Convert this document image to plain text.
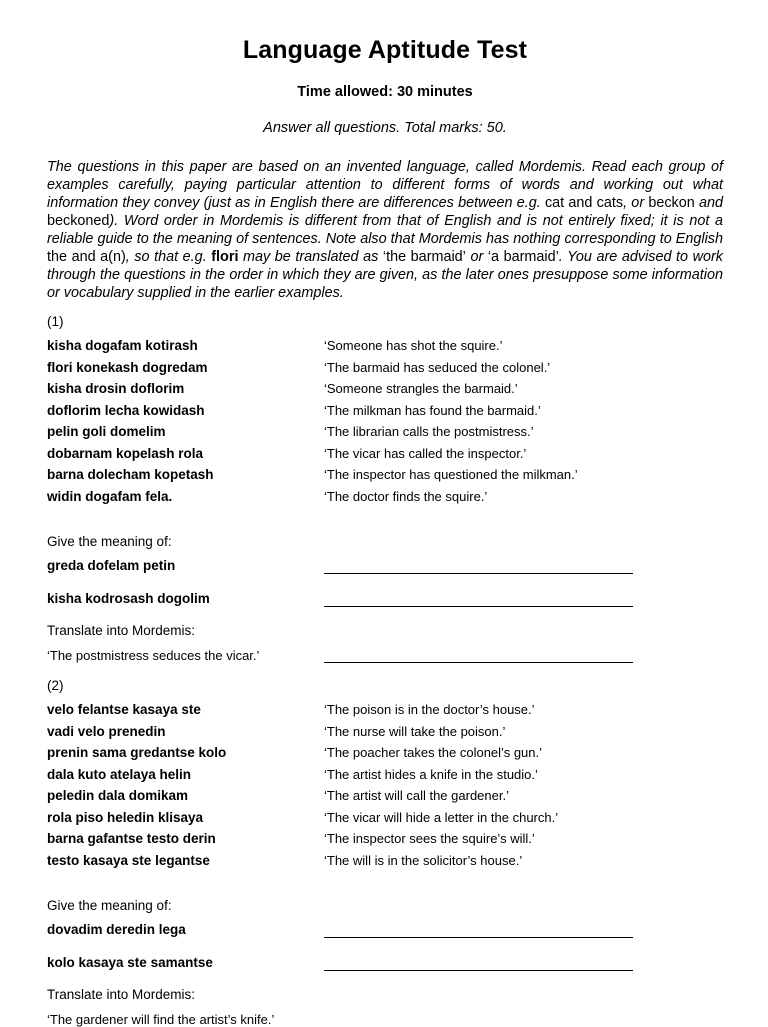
Language Aptitude Test
Time allowed: 30 minutes
Answer all questions. Total marks: 50.
The questions in this paper are based on an invented language, called Mordemis. Read each group of examples carefully, paying particular attention to different forms of words and working out what information they convey (just as in English there are differences between e.g. cat and cats, or beckon and beckoned). Word order in Mordemis is different from that of English and is not entirely fixed; it is not a reliable guide to the meaning of sentences. Note also that Mordemis has nothing corresponding to English the and a(n), so that e.g. flori may be translated as ‘the barmaid’ or ‘a barmaid’. You are advised to work through the questions in the order in which they are given, as the later ones presuppose some information or vocabulary supplied in the earlier examples.
(1)
kisha dogafam kotirash	‘Someone has shot the squire.’
flori konekash dogredam	‘The barmaid has seduced the colonel.’
kisha drosin doflorim	‘Someone strangles the barmaid.’
doflorim lecha kowidash	‘The milkman has found the barmaid.’
pelin goli domelim	‘The librarian calls the postmistress.’
dobarnam kopelash rola	‘The vicar has called the inspector.’
barna dolecham kopetash	‘The inspector has questioned the milkman.’
widin dogafam fela.	‘The doctor finds the squire.’
Give the meaning of:
greda dofelam petin
kisha kodrosash dogolim
Translate into Mordemis:
‘The postmistress seduces the vicar.’
(2)
velo felantse kasaya ste	‘The poison is in the doctor’s house.’
vadi velo prenedin	‘The nurse will take the poison.’
prenin sama gredantse kolo	‘The poacher takes the colonel’s gun.’
dala kuto atelaya helin	‘The artist hides a knife in the studio.’
peledin dala domikam	‘The artist will call the gardener.’
rola piso heledin klisaya	‘The vicar will hide a letter in the church.’
barna gafantse testo derin	‘The inspector sees the squire’s will.’
testo kasaya ste legantse	‘The will is in the solicitor’s house.’
Give the meaning of:
dovadim deredin lega
kolo kasaya ste samantse
Translate into Mordemis:
‘The gardener will find the artist’s knife.’
